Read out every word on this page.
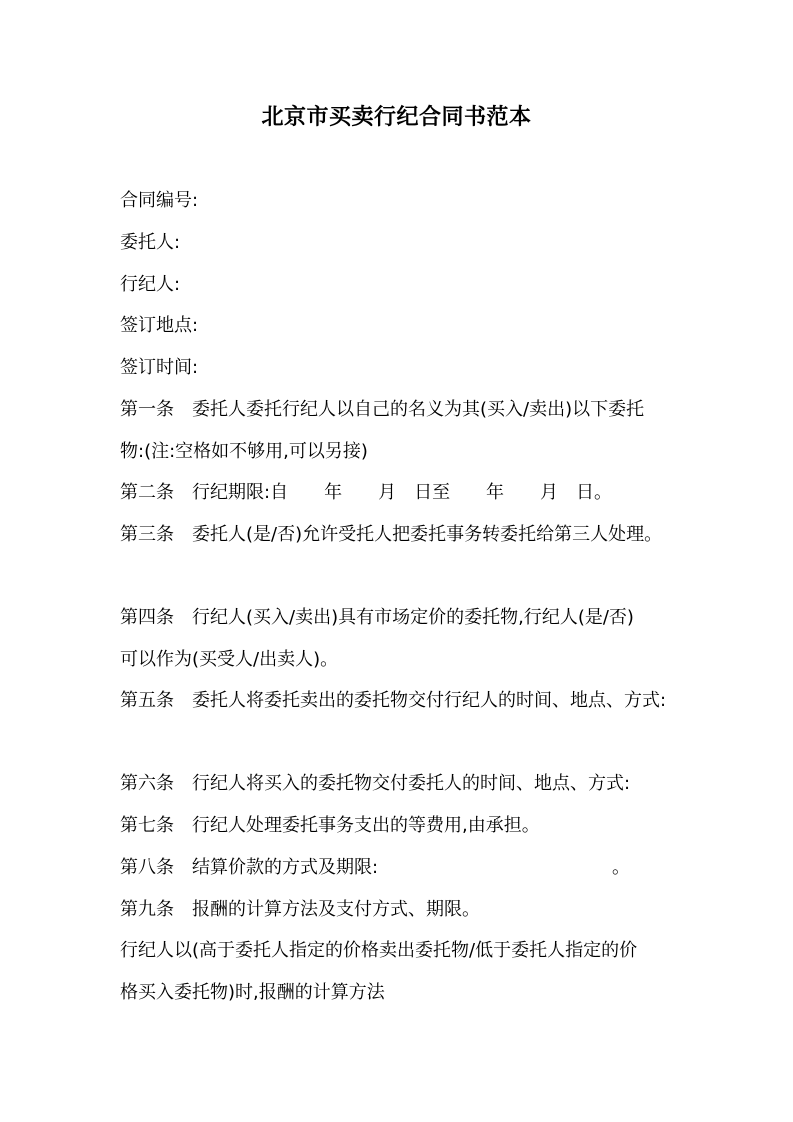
北京市买卖行纪合同书范本
合同编号:
委托人:
行纪人:
签订地点:
签订时间:
第一条　委托人委托行纪人以自己的名义为其(买入/卖出)以下委托
物:(注:空格如不够用,可以另接)
第二条　行纪期限:自　　年　　月　日至　　年　　月　日。
第三条　委托人(是/否)允许受托人把委托事务转委托给第三人处理。
第四条　行纪人(买入/卖出)具有市场定价的委托物,行纪人(是/否)
可以作为(买受人/出卖人)。
第五条　委托人将委托卖出的委托物交付行纪人的时间、地点、方式:
第六条　行纪人将买入的委托物交付委托人的时间、地点、方式:
第七条　行纪人处理委托事务支出的等费用,由承担。
第八条　结算价款的方式及期限:　　　　　　　　　　　　　。
第九条　报酬的计算方法及支付方式、期限。
行纪人以(高于委托人指定的价格卖出委托物/低于委托人指定的价
格买入委托物)时,报酬的计算方法
